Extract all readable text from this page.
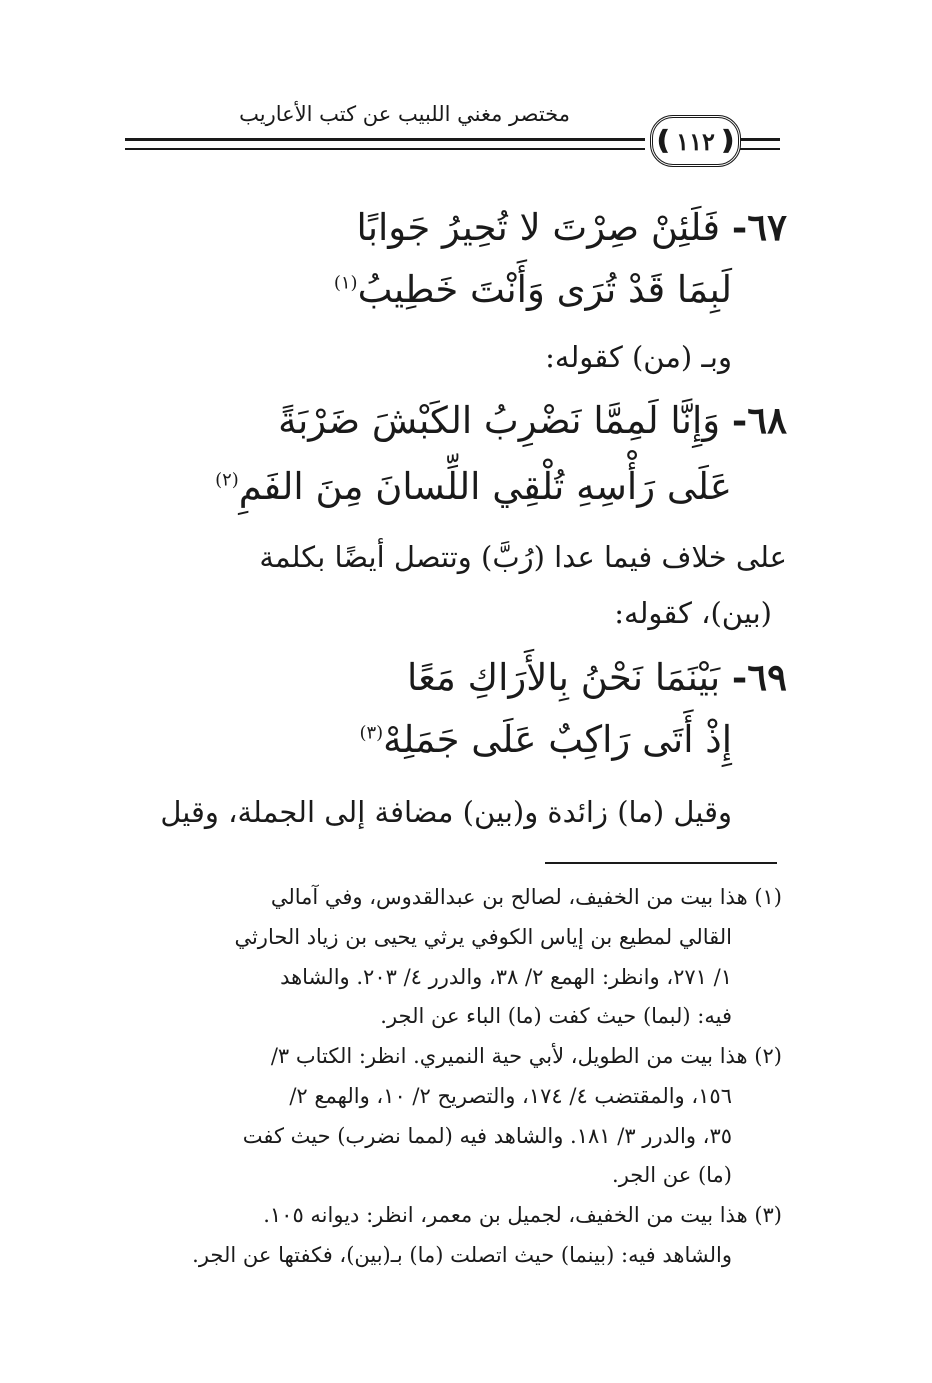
مختصر مغني اللبيب عن كتب الأعاريب
❪ ١١٢ ❫
٦٧- فَلَئِنْ صِرْتَ لا تُحِيرُ جَوابًا
لَبِمَا قَدْ تُرَى وَأَنْتَ خَطِيبُ$^{(١)}$
وبـ (من) كقوله:
٦٨- وَإِنَّا لَمِمَّا نَضْرِبُ الكَبْشَ ضَرْبَةً
عَلَى رَأْسِهِ تُلْقِي اللِّسانَ مِنَ الفَمِ$^{(٢)}$
على خلاف فيما عدا (رُبَّ) وتتصل أيضًا بكلمة
(بين)، كقوله:
٦٩- بَيْنَمَا نَحْنُ بِالأَرَاكِ مَعًا
إِذْ أَتَى رَاكِبٌ عَلَى جَمَلِهْ$^{(٣)}$
وقيل (ما) زائدة و(بين) مضافة إلى الجملة، وقيل
(١) هذا بيت من الخفيف، لصالح بن عبدالقدوس، وفي آمالي
القالي لمطيع بن إياس الكوفي يرثي يحيى بن زياد الحارثي
١/ ٢٧١، وانظر: الهمع ٢/ ٣٨، والدرر ٤/ ٢٠٣. والشاهد
فيه: (لبما) حيث كفت (ما) الباء عن الجر.
(٢) هذا بيت من الطويل، لأبي حية النميري. انظر: الكتاب ٣/
١٥٦، والمقتضب ٤/ ١٧٤، والتصريح ٢/ ١٠، والهمع ٢/
٣٥، والدرر ٣/ ١٨١. والشاهد فيه (لمما نضرب) حيث كفت
(ما) عن الجر.
(٣) هذا بيت من الخفيف، لجميل بن معمر، انظر: ديوانه ١٠٥.
والشاهد فيه: (بينما) حيث اتصلت (ما) بـ(بين)، فكفتها عن الجر.
